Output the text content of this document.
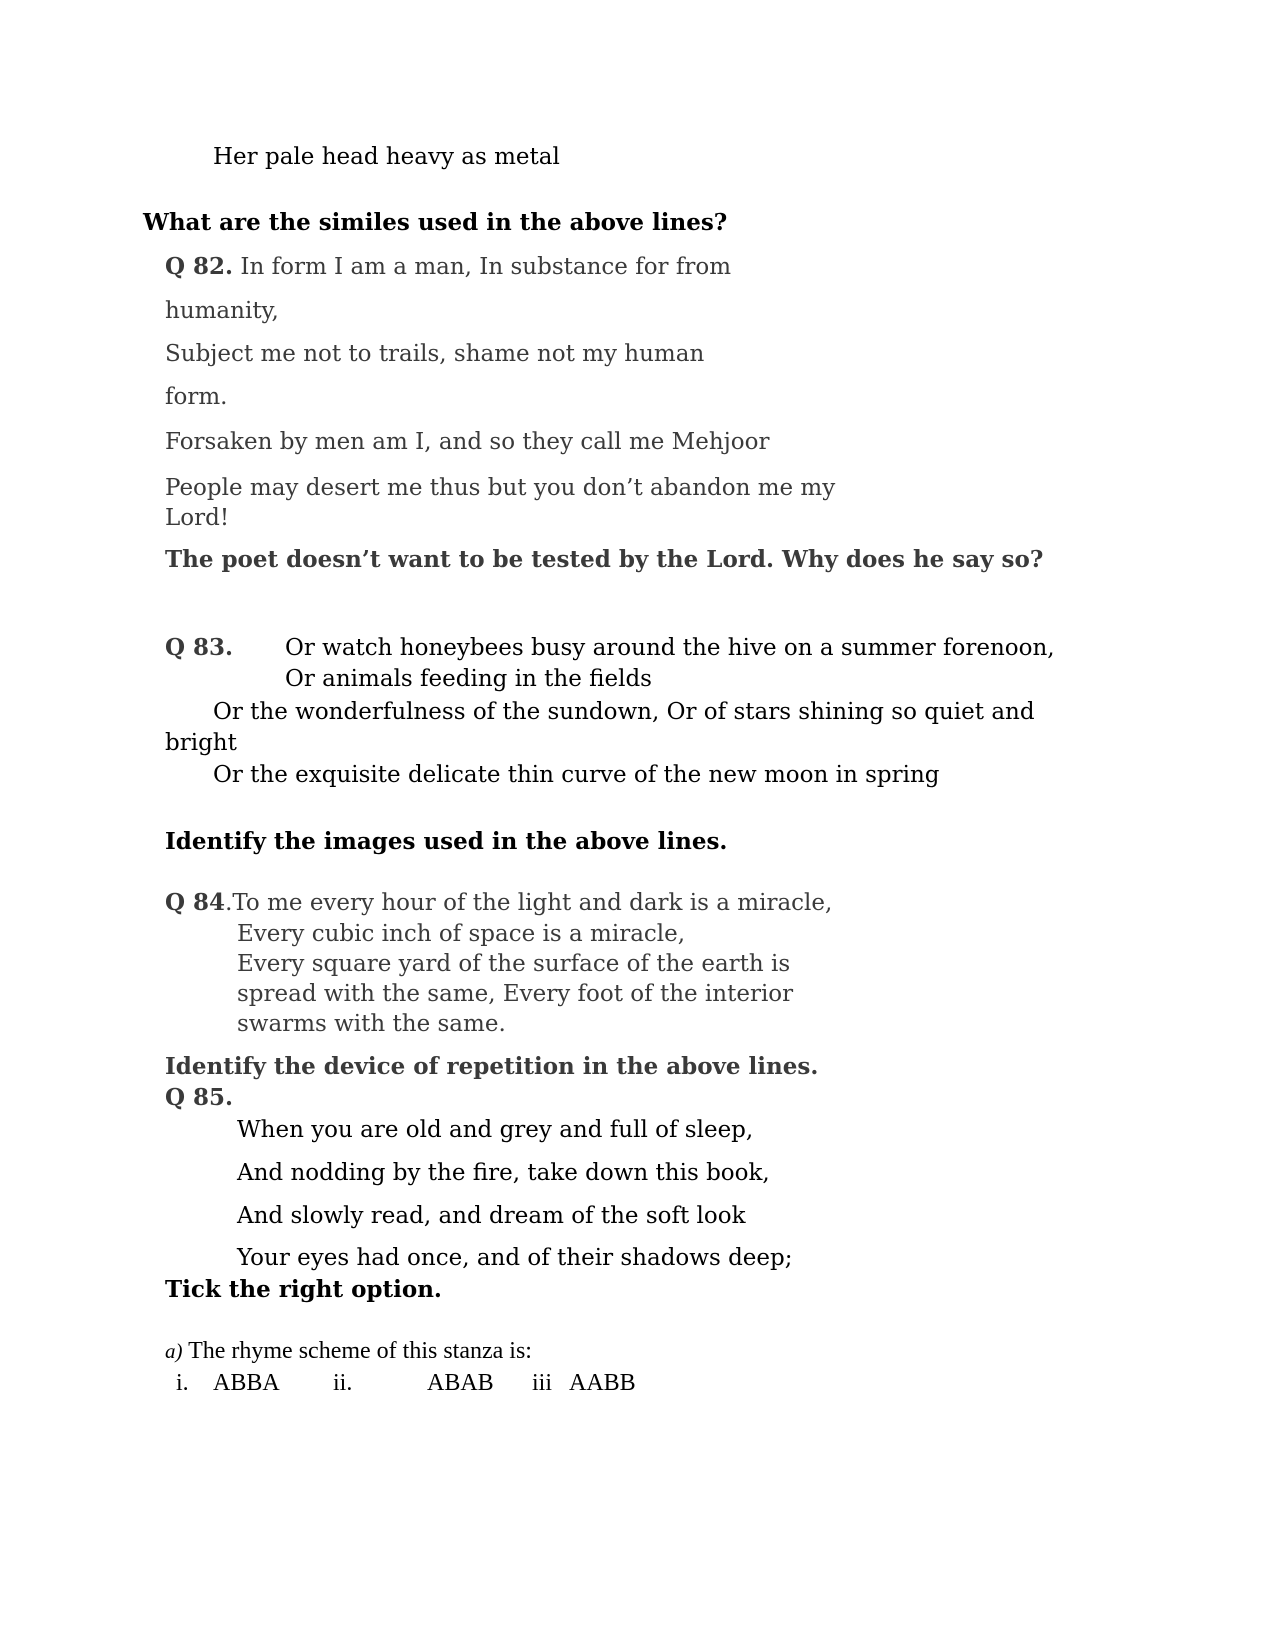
Her pale head heavy as metal
What are the similes used in the above lines?
Q 82. In form I am a man, In substance for from
humanity,
Subject me not to trails, shame not my human
form.
Forsaken by men am I, and so they call me Mehjoor
People may desert me thus but you don’t abandon me my
Lord!
The poet doesn’t want to be tested by the Lord. Why does he say so?
Q 83. Or watch honeybees busy around the hive on a summer forenoon,
Or animals feeding in the fields
Or the wonderfulness of the sundown, Or of stars shining so quiet and
bright
Or the exquisite delicate thin curve of the new moon in spring
Identify the images used in the above lines.
Q 84.To me every hour of the light and dark is a miracle,
Every cubic inch of space is a miracle,
Every square yard of the surface of the earth is
spread with the same, Every foot of the interior
swarms with the same.
Identify the device of repetition in the above lines.
Q 85.
When you are old and grey and full of sleep,
And nodding by the fire, take down this book,
And slowly read, and dream of the soft look
Your eyes had once, and of their shadows deep;
Tick the right option.
a) The rhyme scheme of this stanza is:
i. ABBA ii.	ABAB iii AABB
